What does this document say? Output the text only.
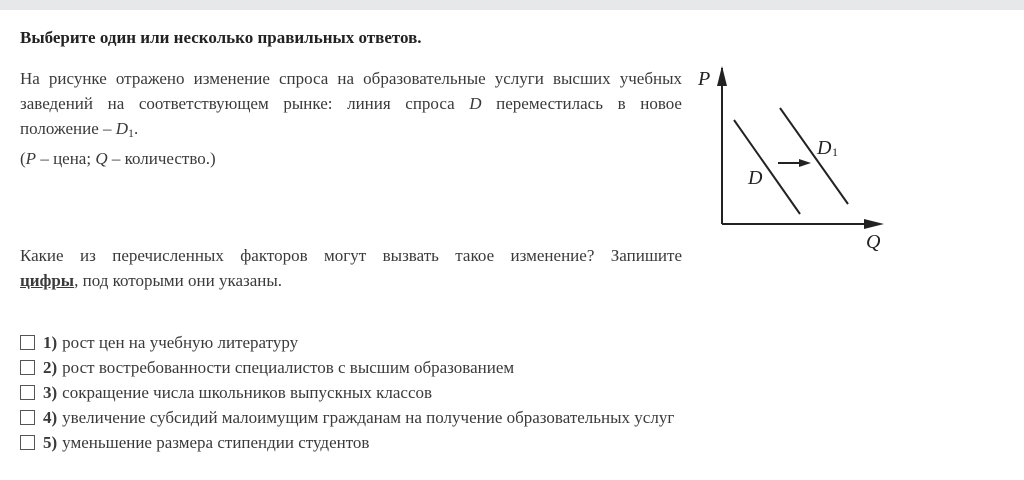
Выберите один или несколько правильных ответов.
На рисунке отражено изменение спроса на образовательные услуги высших учебных
заведений на соответствующем рынке: линия спроса D переместилась в новое
положение – $D_1$.
(P – цена; Q – количество.)
Какие из перечисленных факторов могут вызвать такое изменение? Запишите
цифры, под которыми они указаны.
P
Q
D
D 1
1) рост цен на учебную литературу
2) рост востребованности специалистов с высшим образованием
3) сокращение числа школьников выпускных классов
4) увеличение субсидий малоимущим гражданам на получение образовательных услуг
5) уменьшение размера стипендии студентов
